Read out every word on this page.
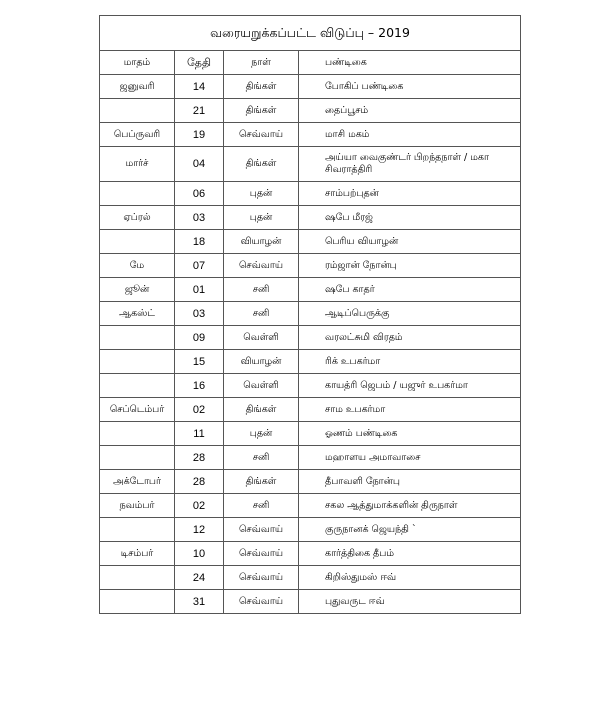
வரையறுக்கப்பட்ட விடுப்பு – 2019			
மாதம்	தேதி	நாள்	பண்டிகை
ஜனுவரி	14	திங்கள்	போகிப் பண்டிகை
	21	திங்கள்	தைப்பூசம்
பெப்ருவரி	19	செவ்வாய்	மாசி மகம்
மார்ச்	04	திங்கள்	அய்யா வைகுண்டர் பிறந்தநாள் / மகா சிவராத்திரி
	06	புதன்	சாம்பற்புதன்
ஏப்ரல்	03	புதன்	ஷபே மீரஜ்
	18	வியாழன்	பெரிய வியாழன்
மே	07	செவ்வாய்	ரம்ஜான் நோன்பு
ஜூன்	01	சனி	ஷபே காதர்
ஆகஸ்ட்	03	சனி	ஆடிப்பெருக்கு
	09	வெள்ளி	வரலட்சுமி விரதம்
	15	வியாழன்	ரிக் உபகர்மா
	16	வெள்ளி	காயத்ரி ஜெபம் / யஜுர் உபகர்மா
செப்டெம்பர்	02	திங்கள்	சாம உபகர்மா
	11	புதன்	ஓணம் பண்டிகை
	28	சனி	மஹாளய அமாவாசை
அக்டோபர்	28	திங்கள்	தீபாவளி நோன்பு
நவம்பர்	02	சனி	சகல ஆத்துமாக்களின் திருநாள்
	12	செவ்வாய்	குருநானக் ஜெயந்தி `
டிசம்பர்	10	செவ்வாய்	கார்த்திகை தீபம்
	24	செவ்வாய்	கிறிஸ்துமஸ் ஈவ்
	31	செவ்வாய்	புதுவருட ஈவ்
